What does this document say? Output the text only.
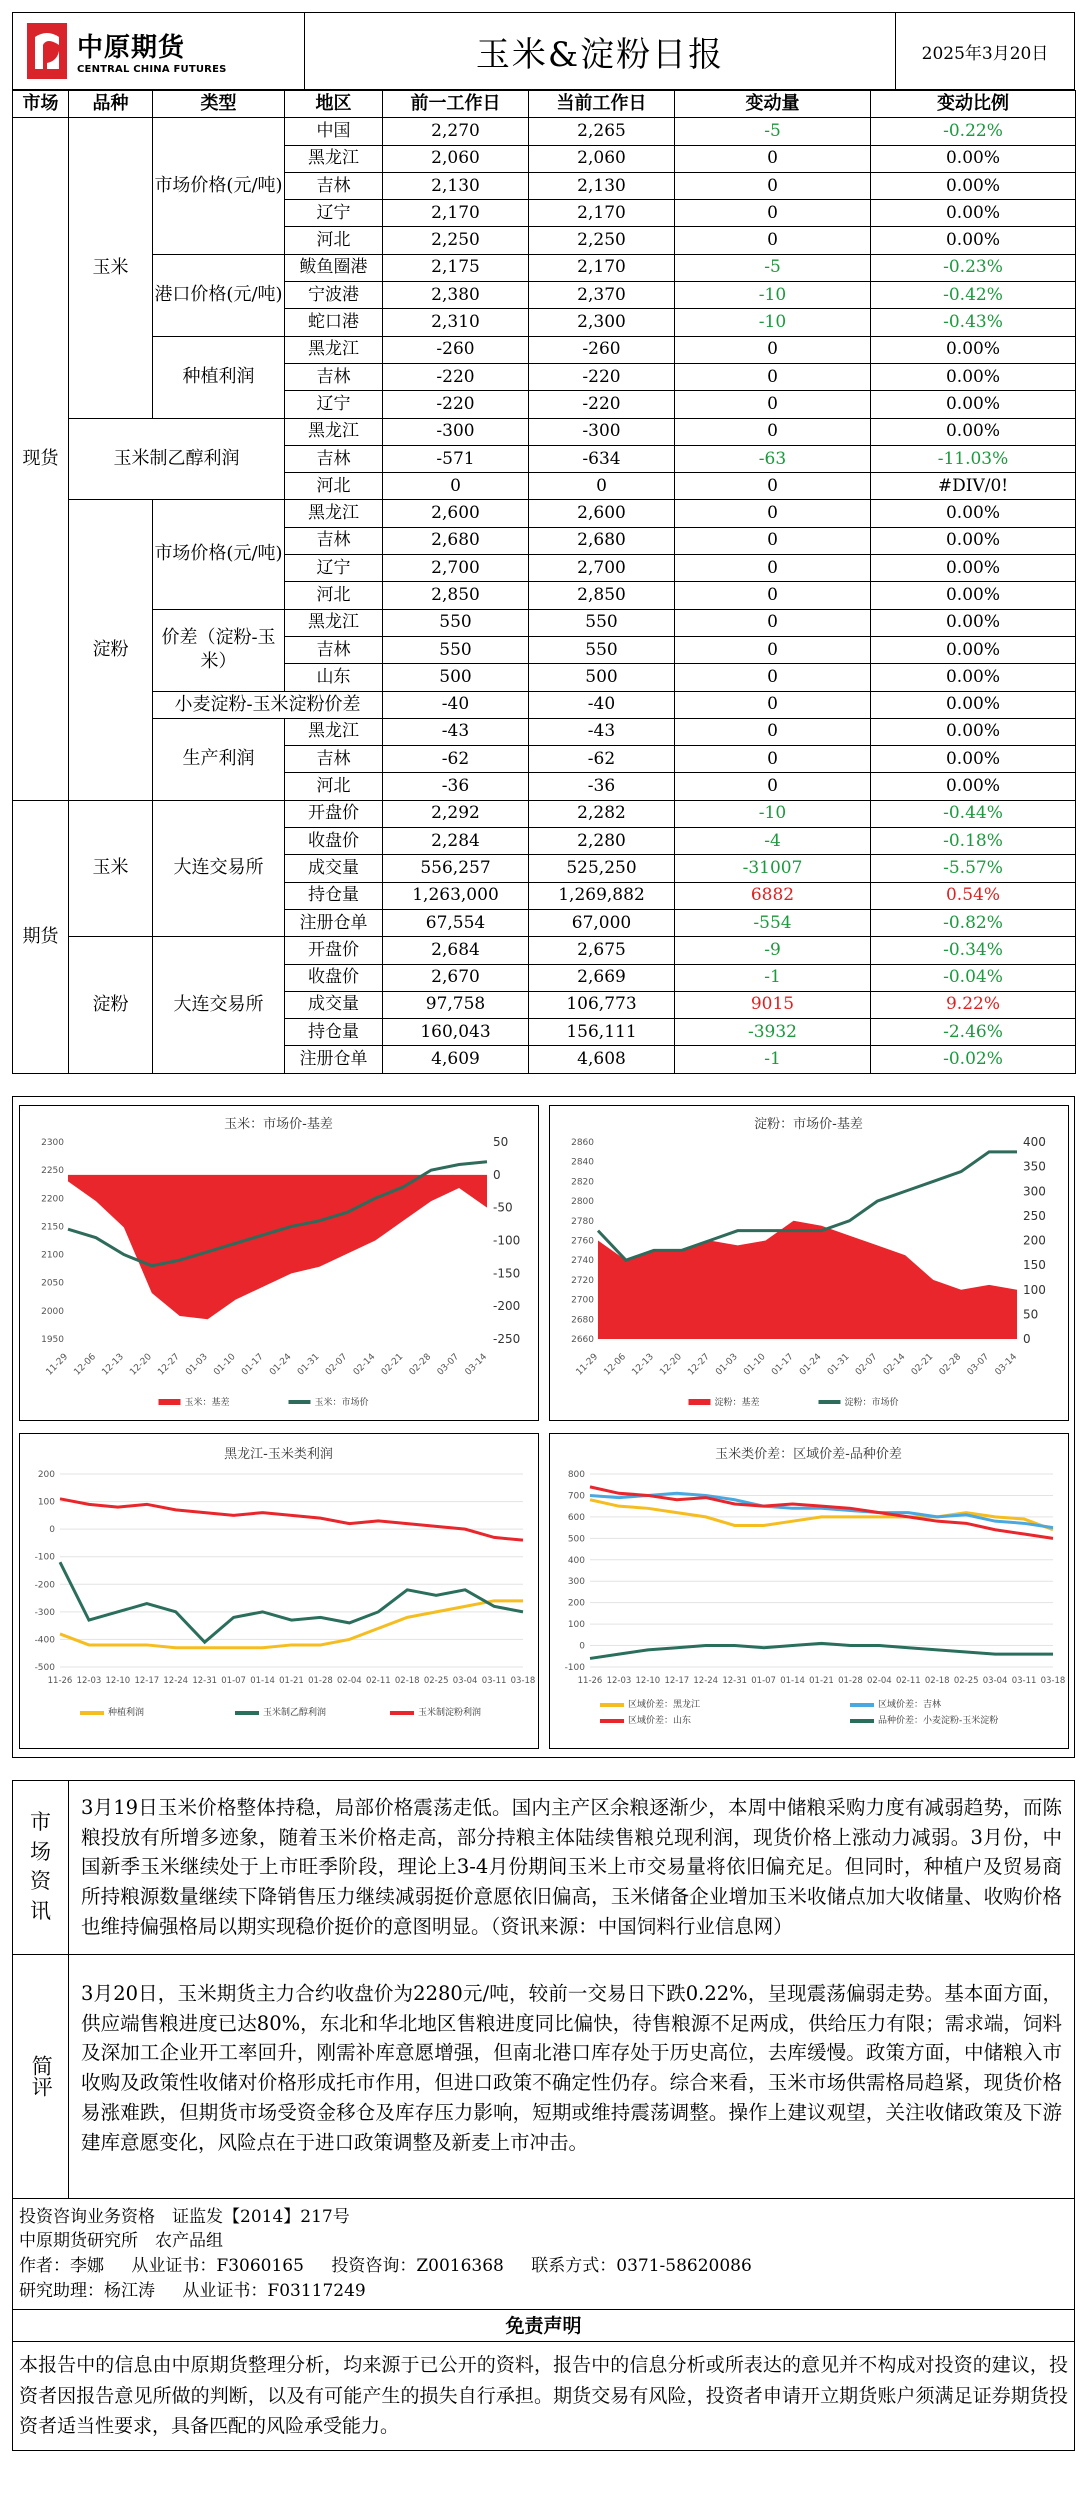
中原期货
CENTRAL CHINA FUTURES	玉米&淀粉日报	2025年3月20日
市场	品种	类型	地区	前一工作日	当前工作日	变动量	变动比例
现货	玉米	市场价格(元/吨)	中国	2,270	2,265	-5	-0.22%
			黑龙江	2,060	2,060	0	0.00%
			吉林	2,130	2,130	0	0.00%
			辽宁	2,170	2,170	0	0.00%
			河北	2,250	2,250	0	0.00%
		港口价格(元/吨)	鲅鱼圈港	2,175	2,170	-5	-0.23%
			宁波港	2,380	2,370	-10	-0.42%
			蛇口港	2,310	2,300	-10	-0.43%
		种植利润	黑龙江	-260	-260	0	0.00%
			吉林	-220	-220	0	0.00%
			辽宁	-220	-220	0	0.00%
	玉米制乙醇利润		黑龙江	-300	-300	0	0.00%
			吉林	-571	-634	-63	-11.03%
			河北	0	0	0	#DIV/0!
	淀粉	市场价格(元/吨)	黑龙江	2,600	2,600	0	0.00%
			吉林	2,680	2,680	0	0.00%
			辽宁	2,700	2,700	0	0.00%
			河北	2,850	2,850	0	0.00%
		价差（淀粉-玉米）	黑龙江	550	550	0	0.00%
			吉林	550	550	0	0.00%
			山东	500	500	0	0.00%
		小麦淀粉-玉米淀粉价差		-40	-40	0	0.00%
		生产利润	黑龙江	-43	-43	0	0.00%
			吉林	-62	-62	0	0.00%
			河北	-36	-36	0	0.00%
期货	玉米	大连交易所	开盘价	2,292	2,282	-10	-0.44%
			收盘价	2,284	2,280	-4	-0.18%
			成交量	556,257	525,250	-31007	-5.57%
			持仓量	1,263,000	1,269,882	6882	0.54%
			注册仓单	67,554	67,000	-554	-0.82%
	淀粉	大连交易所	开盘价	2,684	2,675	-9	-0.34%
			收盘价	2,670	2,669	-1	-0.04%
			成交量	97,758	106,773	9015	9.22%
			持仓量	160,043	156,111	-3932	-2.46%
			注册仓单	4,609	4,608	-1	-0.02%
玉米：市场价-基差
1950
2000
2050
2100
2150
2200
2250
2300	50
0
-50
-100
-150
-200
-250
11-29 12-06 12-13 12-20 12-27 01-03 01-10 01-17 01-24 01-31 02-07 02-14 02-21 02-28 03-07 03-14
玉米：基差	玉米：市场价
淀粉：市场价-基差
2660
2680
2700
2720
2740
2760
2780
2800
2820
2840
2860	400
350
300
250
200
150
100
50
0
11-29 12-06 12-13 12-20 12-27 01-03 01-10 01-17 01-24 01-31 02-07 02-14 02-21 02-28 03-07 03-14
淀粉：基差	淀粉：市场价
黑龙江-玉米类利润
-500
-400
-300
-200
-100
0
100
200
11-26 12-03 12-10 12-17 12-24 12-31 01-07 01-14 01-21 01-28 02-04 02-11 02-18 02-25 03-04 03-11 03-18
种植利润	玉米制乙醇利润	玉米制淀粉利润
玉米类价差：区域价差-品种价差
-100
0
100
200
300
400
500
600
700
800
11-26 12-03 12-10 12-17 12-24 12-31 01-07 01-14 01-21 01-28 02-04 02-11 02-18 02-25 03-04 03-11 03-18
区域价差：黑龙江	区域价差：吉林
区域价差：山东	品种价差：小麦淀粉-玉米淀粉
市场资讯
3月19日玉米价格整体持稳，局部价格震荡走低。国内主产区余粮逐渐少，本周中储粮采购力度有减弱趋势，而陈粮投放有所增多迹象，随着玉米价格走高，部分持粮主体陆续售粮兑现利润，现货价格上涨动力减弱。3月份，中国新季玉米继续处于上市旺季阶段，理论上3-4月份期间玉米上市交易量将依旧偏充足。但同时，种植户及贸易商所持粮源数量继续下降销售压力继续减弱挺价意愿依旧偏高，玉米储备企业增加玉米收储点加大收储量、收购价格也维持偏强格局以期实现稳价挺价的意图明显。（资讯来源：中国饲料行业信息网）
简评
3月20日，玉米期货主力合约收盘价为2280元/吨，较前一交易日下跌0.22%，呈现震荡偏弱走势。基本面方面，供应端售粮进度已达80%，东北和华北地区售粮进度同比偏快，待售粮源不足两成，供给压力有限；需求端，饲料及深加工企业开工率回升，刚需补库意愿增强，但南北港口库存处于历史高位，去库缓慢。政策方面，中储粮入市收购及政策性收储对价格形成托市作用，但进口政策不确定性仍存。综合来看，玉米市场供需格局趋紧，现货价格易涨难跌，但期货市场受资金移仓及库存压力影响，短期或维持震荡调整。操作上建议观望，关注收储政策及下游建库意愿变化，风险点在于进口政策调整及新麦上市冲击。
投资咨询业务资格　证监发【2014】217号
中原期货研究所　农产品组
作者：李娜 从业证书：F3060165 投资咨询：Z0016368 联系方式：0371-58620086
研究助理：杨江涛 从业证书：F03117249
免责声明
本报告中的信息由中原期货整理分析，均来源于已公开的资料，报告中的信息分析或所表达的意见并不构成对投资的建议，投资者因报告意见所做的判断，以及有可能产生的损失自行承担。期货交易有风险，投资者申请开立期货账户须满足证券期货投资者适当性要求，具备匹配的风险承受能力。
